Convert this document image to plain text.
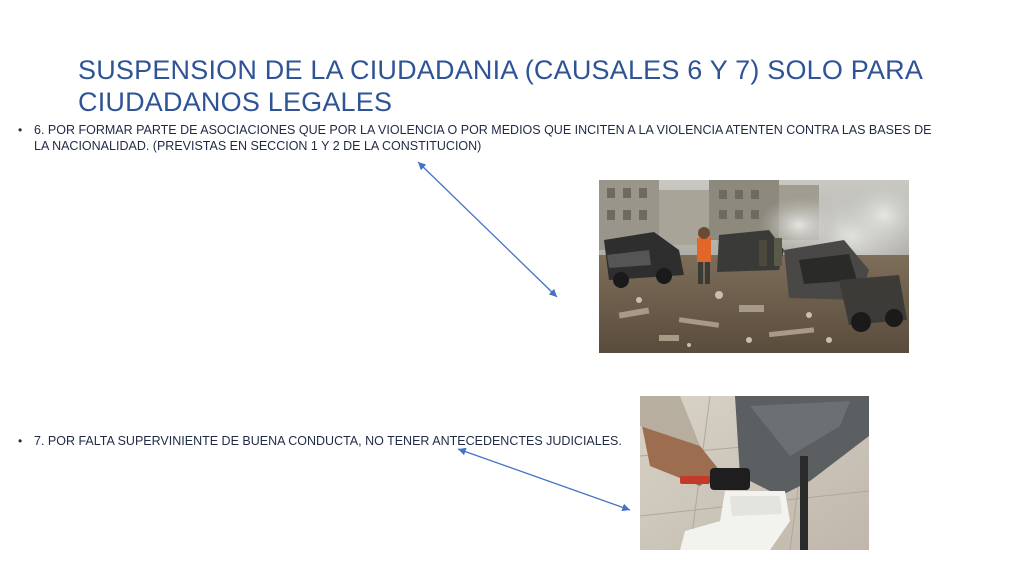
SUSPENSION DE LA CIUDADANIA (CAUSALES 6 Y 7) SOLO PARA CIUDADANOS LEGALES
• 6. POR FORMAR PARTE DE ASOCIACIONES QUE POR LA VIOLENCIA O POR MEDIOS QUE INCITEN A LA VIOLENCIA ATENTEN CONTRA LAS BASES DE LA NACIONALIDAD. (PREVISTAS EN SECCION 1 Y 2 DE LA CONSTITUCION)
• 7. POR FALTA SUPERVINIENTE DE BUENA CONDUCTA, NO TENER ANTECEDENCTES JUDICIALES.
